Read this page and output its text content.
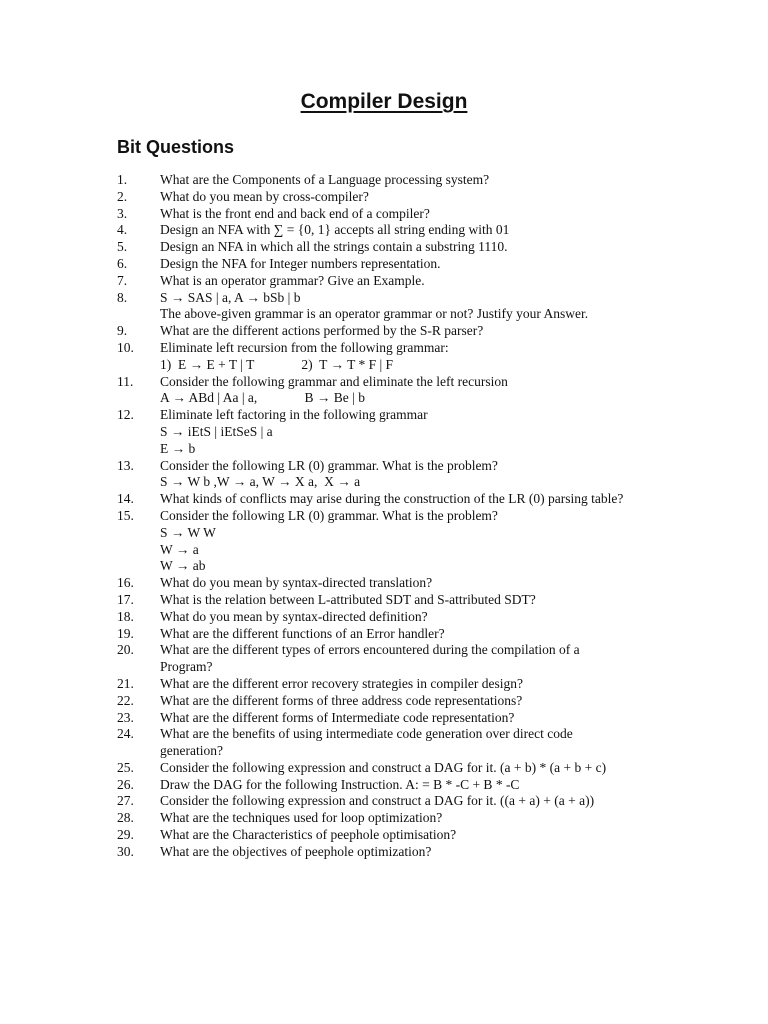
Compiler Design
Bit Questions
1.	What are the Components of a Language processing system?
2.	What do you mean by cross-compiler?
3.	What is the front end and back end of a compiler?
4.	Design an NFA with ∑ = {0, 1} accepts all string ending with 01
5.	Design an NFA in which all the strings contain a substring 1110.
6.	Design the NFA for Integer numbers representation.
7.	What is an operator grammar? Give an Example.
8.	S → SAS | a, A → bSb | b
The above-given grammar is an operator grammar or not? Justify your Answer.
9.	What are the different actions performed by the S-R parser?
10.	Eliminate left recursion from the following grammar:
1)  E → E + T | T              2)  T → T * F | F
11.	Consider the following grammar and eliminate the left recursion
A → ABd | Aa | a,              B → Be | b
12.	Eliminate left factoring in the following grammar
S → iEtS | iEtSeS | a
E → b
13.	Consider the following LR (0) grammar. What is the problem?
S → W b ,W → a, W → X a,  X → a
14.	What kinds of conflicts may arise during the construction of the LR (0) parsing table?
15.	Consider the following LR (0) grammar. What is the problem?
S → W W
W → a
W → ab
16.	What do you mean by syntax-directed translation?
17.	What is the relation between L-attributed SDT and S-attributed SDT?
18.	What do you mean by syntax-directed definition?
19.	What are the different functions of an Error handler?
20.	What are the different types of errors encountered during the compilation of a
Program?
21.	What are the different error recovery strategies in compiler design?
22.	What are the different forms of three address code representations?
23.	What are the different forms of Intermediate code representation?
24.	What are the benefits of using intermediate code generation over direct code
generation?
25.	Consider the following expression and construct a DAG for it. (a + b) * (a + b + c)
26.	Draw the DAG for the following Instruction. A: = B * -C + B * -C
27.	Consider the following expression and construct a DAG for it. ((a + a) + (a + a))
28.	What are the techniques used for loop optimization?
29.	What are the Characteristics of peephole optimisation?
30.	What are the objectives of peephole optimization?
